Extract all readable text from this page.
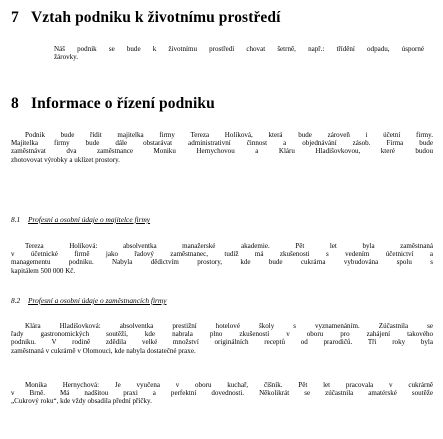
7 Vztah podniku k životnímu prostředí
Náš podnik se bude k životnímu prostředí chovat šetrně, např.: třídění odpadu, úsporné
žárovky.
8 Informace o řízení podniku
Podnik bude řídit majitelka firmy Tereza Holíková, která bude zároveň i účetní firmy.
Majitelka firmy bude dále obstarávat administrativní činnost a objednávání zásob. Firma bude
zaměstnávat dva zaměstnance Moniku Hernychovou a Kláru Hladišovkovou, které budou
zhotovovat výrobky a uklízet prostory.
8.1 Profesní a osobní údaje o majitelce firmy
Tereza Holíková: absolventka manažerské akademie. Pět let byla zaměstnaná
v účetnické firmě jako řadový zaměstnanec, tudíž má zkušenosti s vedením účetnictví a
managementu podniku. Nabyla dědictvím prostory, kde bude cukrárna vybudována spolu s
kapitálem 500 000 Kč.
8.2 Profesní a osobní údaje o zaměstnancích firmy
Klára Hladišovková: absolventka prestižní hotelové školy s vyznamenáním. Zúčastnila se
řady gastronomických soutěží, kde nabrala plno zkušeností v oboru pro zahájení takového
podniku. V rodině zdědila velké množství originálních receptů od prarodičů. Tři roky byla
zaměstnaná v cukrárně v Olomouci, kde nabyla dostatečné praxe.
Monika Hernychová: Je vyučena v oboru kuchař, číšník. Pět let pracovala v cukrárně
v Brně. Má nadšitou praxi a perfektní dovednosti. Několikrát se zúčastnila amatérské soutěže
„Cukrový roku“, kde vždy obsadila přední příčky.
